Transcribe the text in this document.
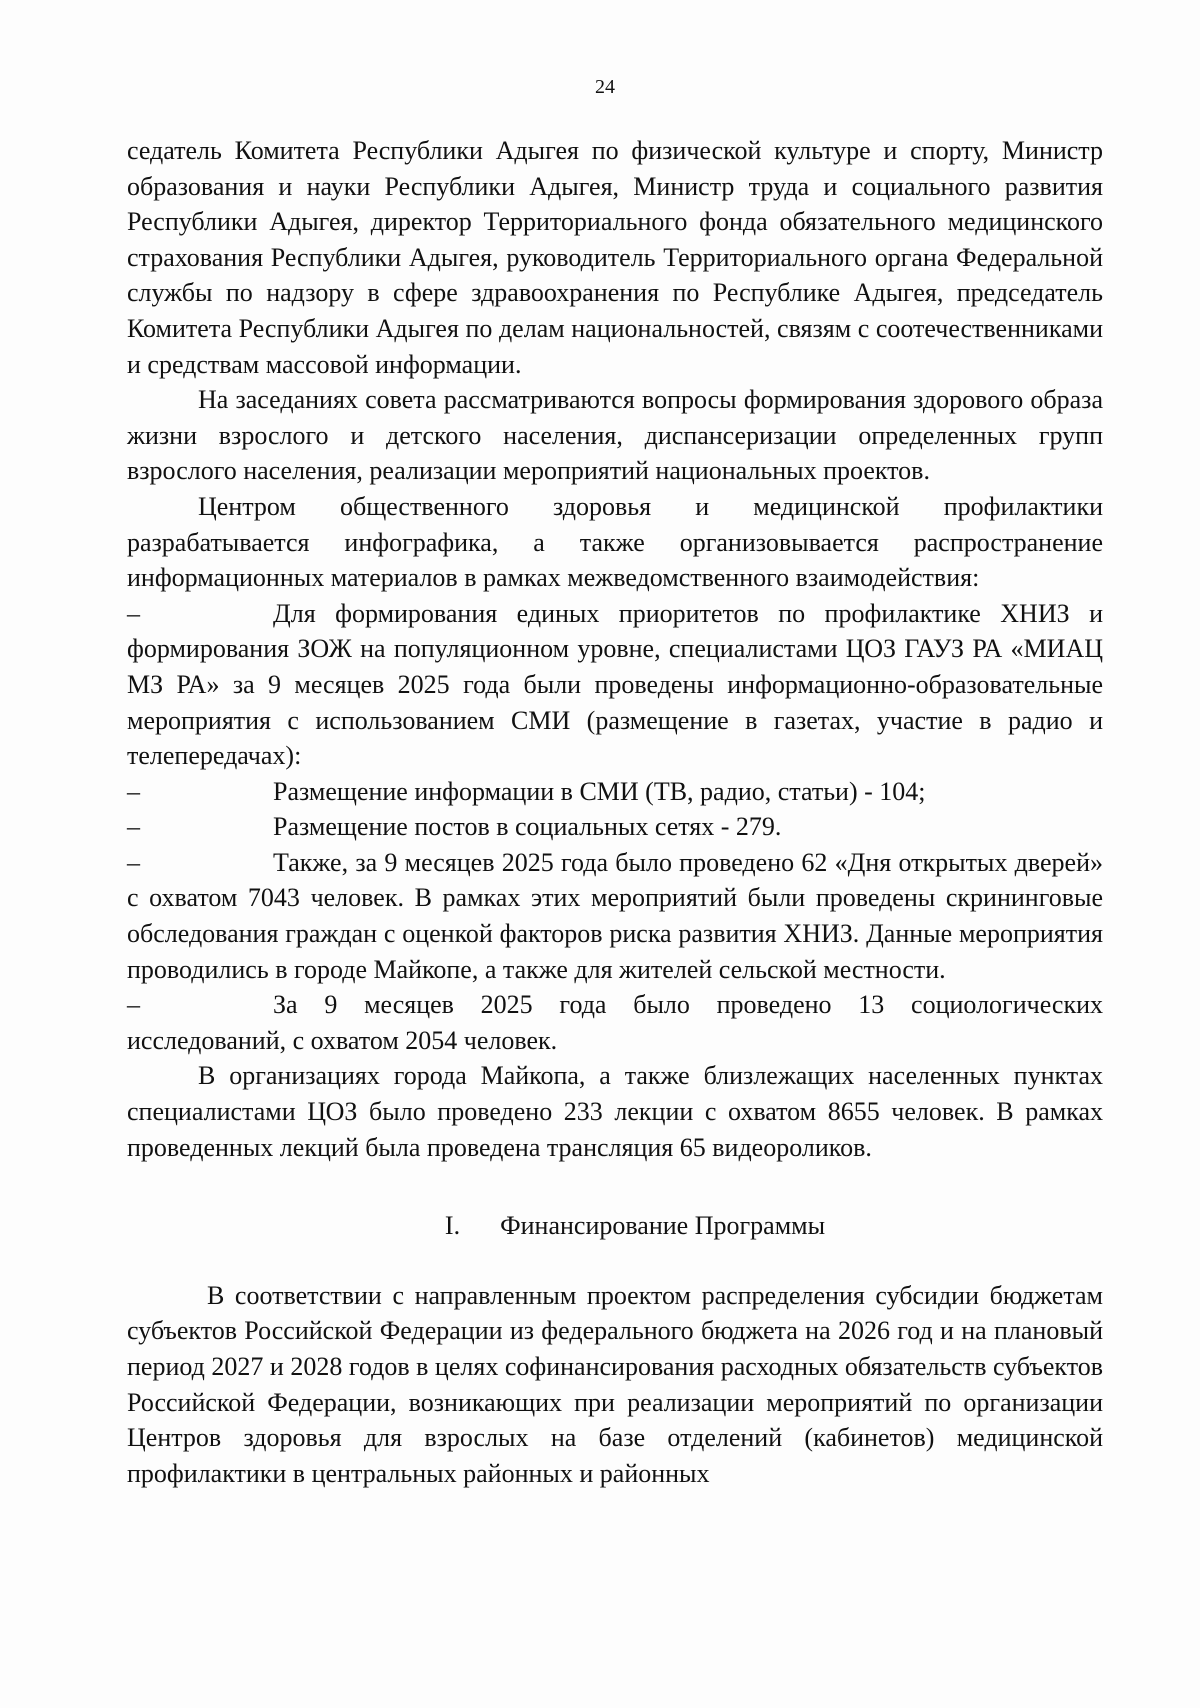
24

седатель Комитета Республики Адыгея по физической культуре и спорту, Министр образования и науки Республики Адыгея, Министр труда и социального развития Республики Адыгея, директор Территориального фонда обязательного медицинского страхования Республики Адыгея, руководитель Территориального органа Федеральной службы по надзору в сфере здравоохранения по Республике Адыгея, председатель Комитета Республики Адыгея по делам национальностей, связям с соотечественниками и средствам массовой информации.

На заседаниях совета рассматриваются вопросы формирования здорового образа жизни взрослого и детского населения, диспансеризации определенных групп взрослого населения, реализации мероприятий национальных проектов.

Центром общественного здоровья и медицинской профилактики разрабатывается инфографика, а также организовывается распространение информационных материалов в рамках межведомственного взаимодействия:

–	Для формирования единых приоритетов по профилактике ХНИЗ и формирования ЗОЖ на популяционном уровне, специалистами ЦОЗ ГАУЗ РА «МИАЦ МЗ РА» за 9 месяцев 2025 года были проведены информационно-образовательные мероприятия с использованием СМИ (размещение в газетах, участие в радио и телепередачах):

–	Размещение информации в СМИ (ТВ, радио, статьи) - 104;

–	Размещение постов в социальных сетях - 279.

–	Также, за 9 месяцев 2025 года было проведено 62 «Дня открытых дверей» с охватом 7043 человек. В рамках этих мероприятий были проведены скрининговые обследования граждан с оценкой факторов риска развития ХНИЗ. Данные мероприятия проводились в городе Майкопе, а также для жителей сельской местности.

–	За 9 месяцев 2025 года было проведено 13 социологических исследований, с охватом 2054 человек.

В организациях города Майкопа, а также близлежащих населенных пунктах специалистами ЦОЗ было проведено 233 лекции с охватом 8655 человек. В рамках проведенных лекций была проведена трансляция 65 видеороликов.

I. Финансирование Программы

В соответствии с направленным проектом распределения субсидии бюджетам субъектов Российской Федерации из федерального бюджета на 2026 год и на плановый период 2027 и 2028 годов в целях софинансирования расходных обязательств субъектов Российской Федерации, возникающих при реализации мероприятий по организации Центров здоровья для взрослых на базе отделений (кабинетов) медицинской профилактики в центральных районных и районных
